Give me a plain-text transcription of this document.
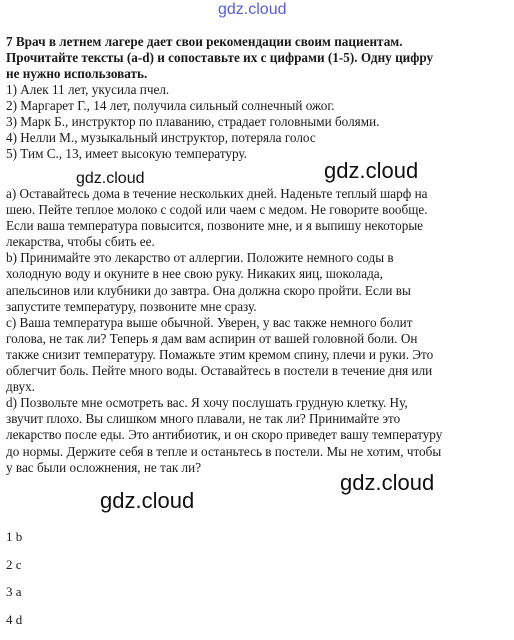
gdz.cloud
gdz.cloud
gdz.cloud
gdz.cloud
gdz.cloud
7 Врач в летнем лагере дает свои рекомендации своим пациентам.
Прочитайте тексты (a-d) и сопоставьте их с цифрами (1-5). Одну цифру
не нужно использовать.
1) Алек 11 лет, укусила пчел.
2) Маргарет Г., 14 лет, получила сильный солнечный ожог.
3) Марк Б., инструктор по плаванию, страдает головными болями.
4) Нелли М., музыкальный инструктор, потеряла голос
5) Тим С., 13, имеет высокую температуру.
a) Оставайтесь дома в течение нескольких дней. Наденьте теплый шарф на
шею. Пейте теплое молоко с содой или чаем с медом. Не говорите вообще.
Если ваша температура повысится, позвоните мне, и я выпишу некоторые
лекарства, чтобы сбить ее.
b) Принимайте это лекарство от аллергии. Положите немного соды в
холодную воду и окуните в нее свою руку. Никаких яиц, шоколада,
апельсинов или клубники до завтра. Она должна скоро пройти. Если вы
запустите температуру, позвоните мне сразу.
c) Ваша температура выше обычной. Уверен, у вас также немного болит
голова, не так ли? Теперь я дам вам аспирин от вашей головной боли. Он
также снизит температуру. Помажьте этим кремом спину, плечи и руки. Это
облегчит боль. Пейте много воды. Оставайтесь в постели в течение дня или
двух.
d) Позвольте мне осмотреть вас. Я хочу послушать грудную клетку. Ну,
звучит плохо. Вы слишком много плавали, не так ли? Принимайте это
лекарство после еды. Это антибиотик, и он скоро приведет вашу температуру
до нормы. Держите себя в тепле и останьтесь в постели. Мы не хотим, чтобы
у вас были осложнения, не так ли?
1 b
2 c
3 a
4 d
